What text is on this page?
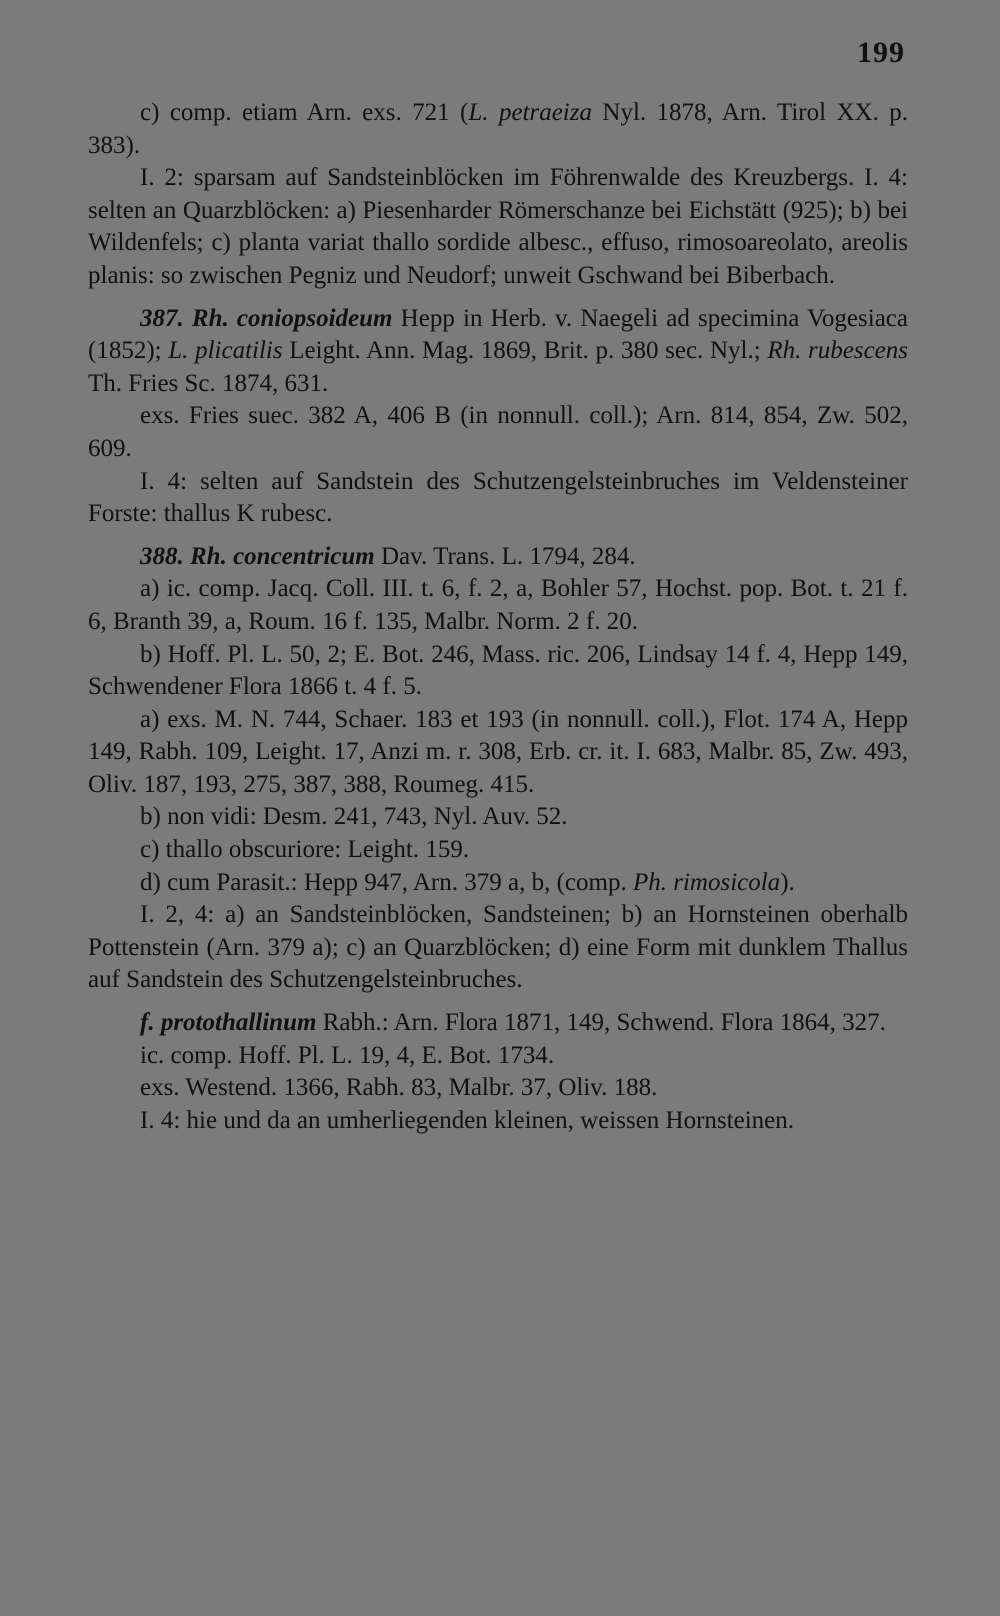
199

c) comp. etiam Arn. exs. 721 (L. petraeiza Nyl. 1878, Arn. Tirol XX. p. 383).

I. 2: sparsam auf Sandsteinblöcken im Föhrenwalde des Kreuzbergs. I. 4: selten an Quarzblöcken: a) Piesenharder Römerschanze bei Eichstätt (925); b) bei Wildenfels; c) planta variat thallo sordide albesc., effuso, rimosoareolato, areolis planis: so zwischen Pegniz und Neudorf; unweit Gschwand bei Biberbach.

387. Rh. coniopsoideum Hepp in Herb. v. Naegeli ad specimina Vogesiaca (1852); L. plicatilis Leight. Ann. Mag. 1869, Brit. p. 380 sec. Nyl.; Rh. rubescens Th. Fries Sc. 1874, 631.

exs. Fries suec. 382 A, 406 B (in nonnull. coll.); Arn. 814, 854, Zw. 502, 609.

I. 4: selten auf Sandstein des Schutzengelsteinbruches im Veldensteiner Forste: thallus K rubesc.

388. Rh. concentricum Dav. Trans. L. 1794, 284.

a) ic. comp. Jacq. Coll. III. t. 6, f. 2, a, Bohler 57, Hochst. pop. Bot. t. 21 f. 6, Branth 39, a, Roum. 16 f. 135, Malbr. Norm. 2 f. 20.

b) Hoff. Pl. L. 50, 2; E. Bot. 246, Mass. ric. 206, Lindsay 14 f. 4, Hepp 149, Schwendener Flora 1866 t. 4 f. 5.

a) exs. M. N. 744, Schaer. 183 et 193 (in nonnull. coll.), Flot. 174 A, Hepp 149, Rabh. 109, Leight. 17, Anzi m. r. 308, Erb. cr. it. I. 683, Malbr. 85, Zw. 493, Oliv. 187, 193, 275, 387, 388, Roumeg. 415.

b) non vidi: Desm. 241, 743, Nyl. Auv. 52.

c) thallo obscuriore: Leight. 159.

d) cum Parasit.: Hepp 947, Arn. 379 a, b, (comp. Ph. rimosicola).

I. 2, 4: a) an Sandsteinblöcken, Sandsteinen; b) an Hornsteinen oberhalb Pottenstein (Arn. 379 a); c) an Quarzblöcken; d) eine Form mit dunklem Thallus auf Sandstein des Schutzengelsteinbruches.

f. protothallinum Rabh.: Arn. Flora 1871, 149, Schwend. Flora 1864, 327.

ic. comp. Hoff. Pl. L. 19, 4, E. Bot. 1734.

exs. Westend. 1366, Rabh. 83, Malbr. 37, Oliv. 188.

I. 4: hie und da an umherliegenden kleinen, weissen Hornsteinen.
